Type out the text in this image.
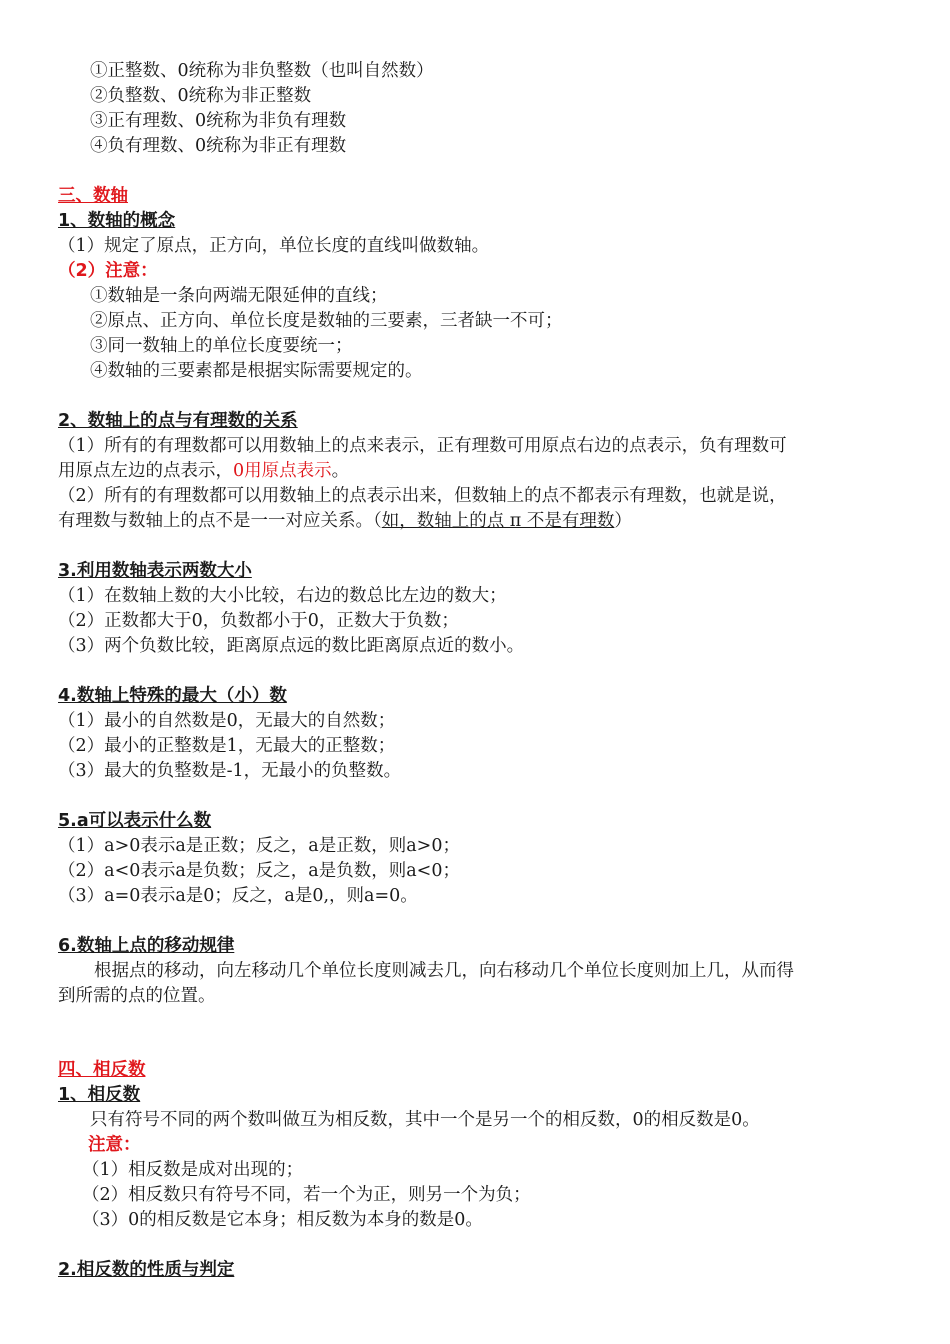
①正整数、0统称为非负整数（也叫自然数）
②负整数、0统称为非正整数
③正有理数、0统称为非负有理数
④负有理数、0统称为非正有理数
三、数轴
1、数轴的概念
（1）规定了原点，正方向，单位长度的直线叫做数轴。
（2）注意：
①数轴是一条向两端无限延伸的直线；
②原点、正方向、单位长度是数轴的三要素，三者缺一不可；
③同一数轴上的单位长度要统一；
④数轴的三要素都是根据实际需要规定的。
2、数轴上的点与有理数的关系
（1）所有的有理数都可以用数轴上的点来表示，正有理数可用原点右边的点表示，负有理数可
用原点左边的点表示，0用原点表示。
（2）所有的有理数都可以用数轴上的点表示出来，但数轴上的点不都表示有理数，也就是说，
有理数与数轴上的点不是一一对应关系。（如，数轴上的点 π 不是有理数）
3.利用数轴表示两数大小
（1）在数轴上数的大小比较，右边的数总比左边的数大；
（2）正数都大于0，负数都小于0，正数大于负数；
（3）两个负数比较，距离原点远的数比距离原点近的数小。
4.数轴上特殊的最大（小）数
（1）最小的自然数是0，无最大的自然数；
（2）最小的正整数是1，无最大的正整数；
（3）最大的负整数是-1，无最小的负整数。
5.a可以表示什么数
（1）a>0表示a是正数；反之，a是正数，则a>0；
（2）a<0表示a是负数；反之，a是负数，则a<0；
（3）a=0表示a是0；反之，a是0,，则a=0。
6.数轴上点的移动规律
根据点的移动，向左移动几个单位长度则减去几，向右移动几个单位长度则加上几，从而得
到所需的点的位置。
四、相反数
1、相反数
只有符号不同的两个数叫做互为相反数，其中一个是另一个的相反数，0的相反数是0。
注意：
（1）相反数是成对出现的；
（2）相反数只有符号不同，若一个为正，则另一个为负；
（3）0的相反数是它本身；相反数为本身的数是0。
2.相反数的性质与判定
